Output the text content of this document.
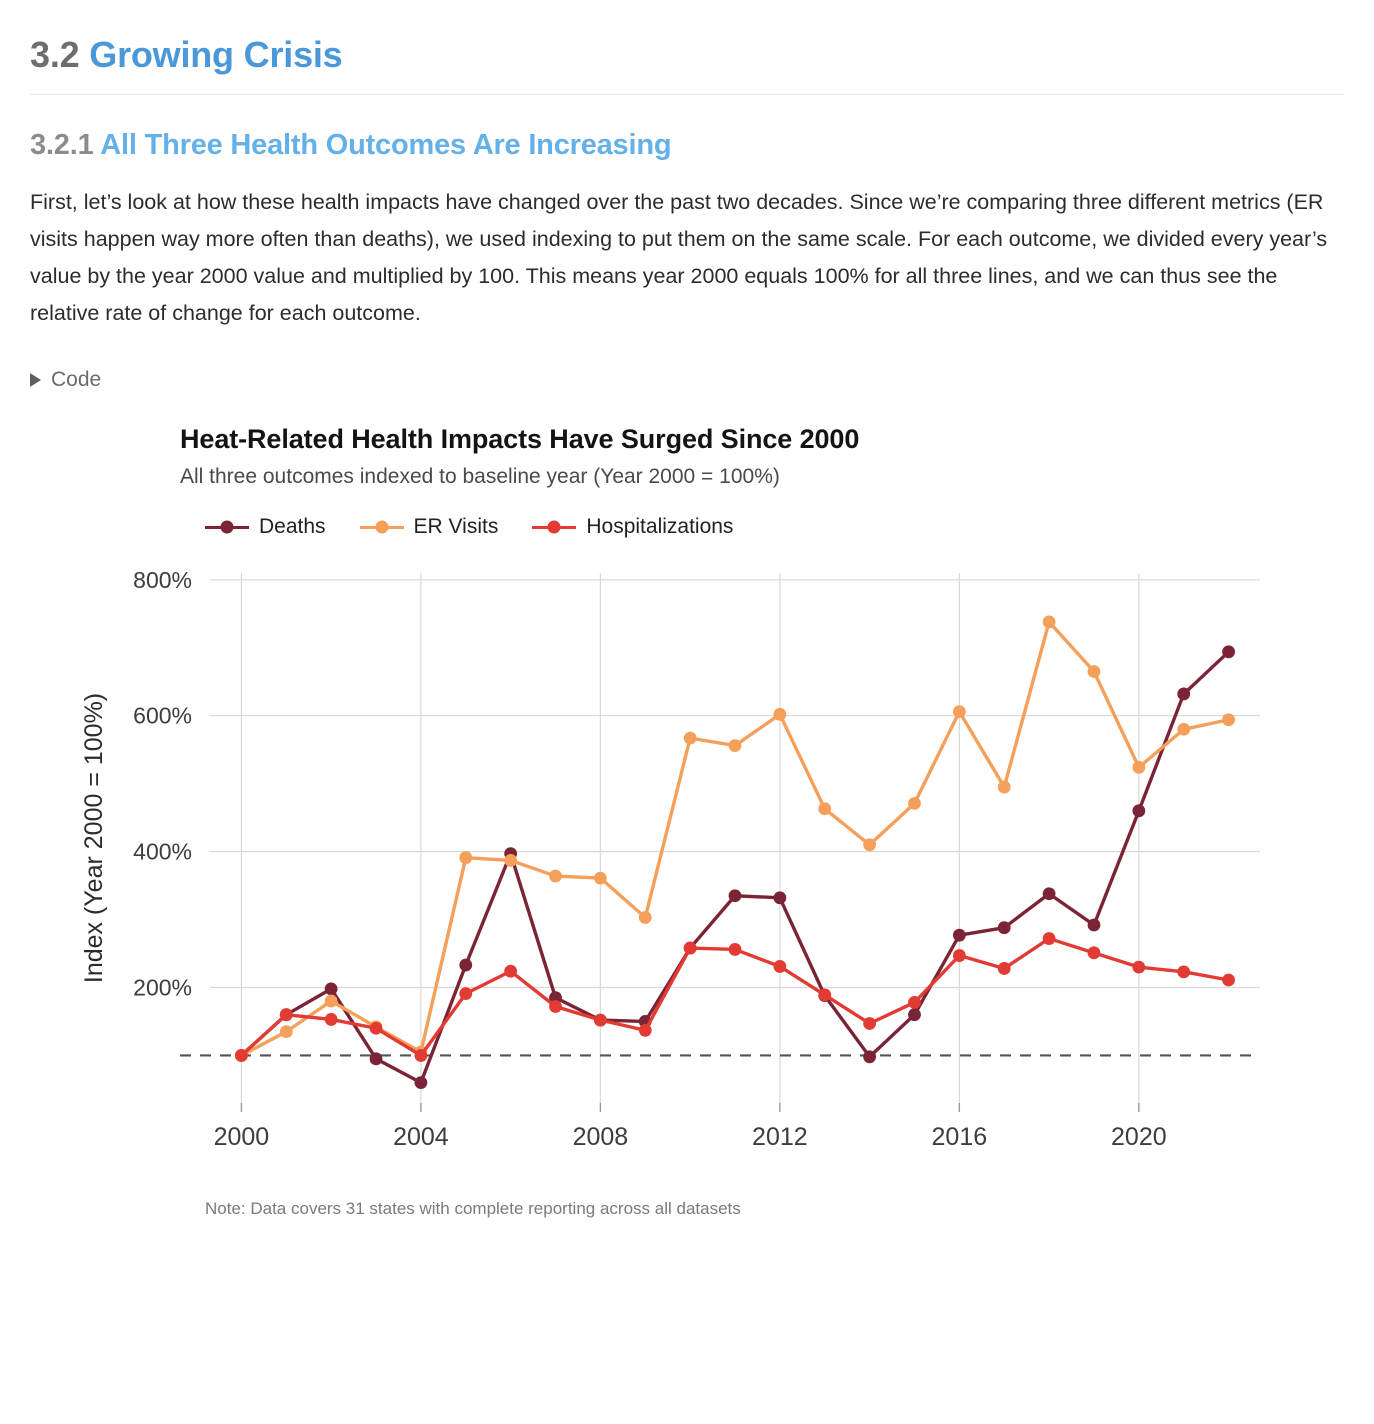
3.2 Growing Crisis
3.2.1 All Three Health Outcomes Are Increasing

First, let’s look at how these health impacts have changed over the past two decades. Since we’re comparing three different metrics (ER visits happen way more often than deaths), we used indexing to put them on the same scale. For each outcome, we divided every year’s value by the year 2000 value and multiplied by 100. This means year 2000 equals 100% for all three lines, and we can thus see the relative rate of change for each outcome.

Code
Heat-Related Health Impacts Have Surged Since 2000
All three outcomes indexed to baseline year (Year 2000 = 100%)
Deaths	ER Visits	Hospitalizations
200%
400%
600%
800%
2000	2004	2008	2012	2016	2020
Index (Year 2000 = 100%)
Note: Data covers 31 states with complete reporting across all datasets
